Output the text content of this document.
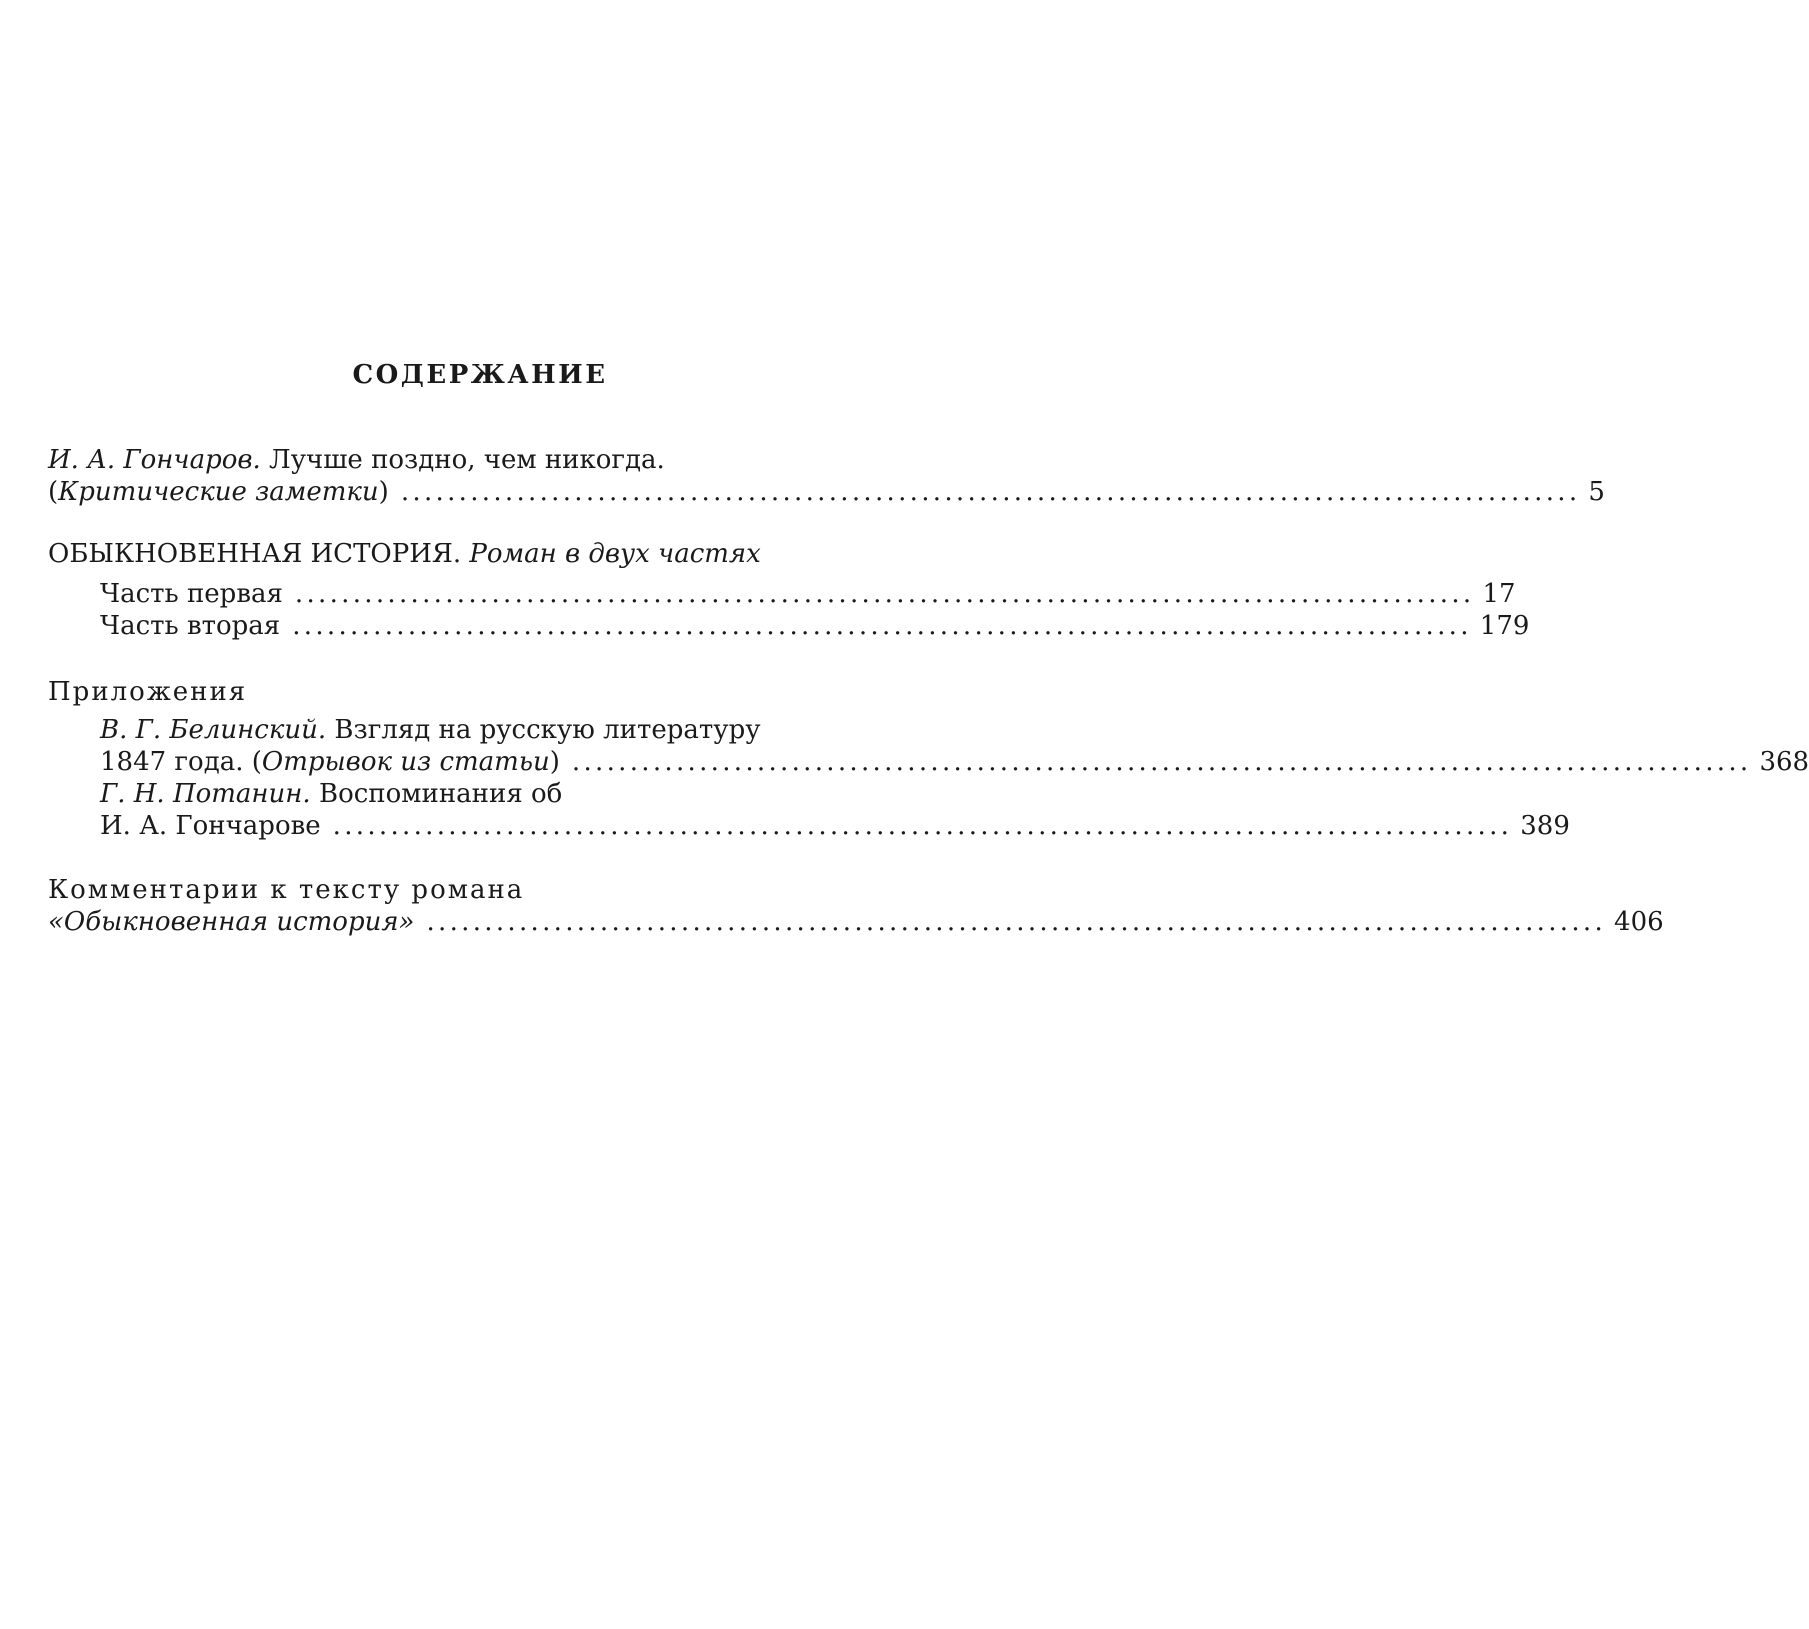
СОДЕРЖАНИЕ
И. А. Гончаров. Лучше поздно, чем никогда.
(Критические заметки) ...................................................................................................... 5
ОБЫКНОВЕННАЯ ИСТОРИЯ. Роман в двух частях
Часть первая ...................................................................................................... 17
Часть вторая ...................................................................................................... 179
Приложения
В. Г. Белинский. Взгляд на русскую литературу
1847 года. (Отрывок из статьи) ...................................................................................................... 368
Г. Н. Потанин. Воспоминания об
И. А. Гончарове ...................................................................................................... 389
Комментарии к тексту романа
«Обыкновенная история» ...................................................................................................... 406
